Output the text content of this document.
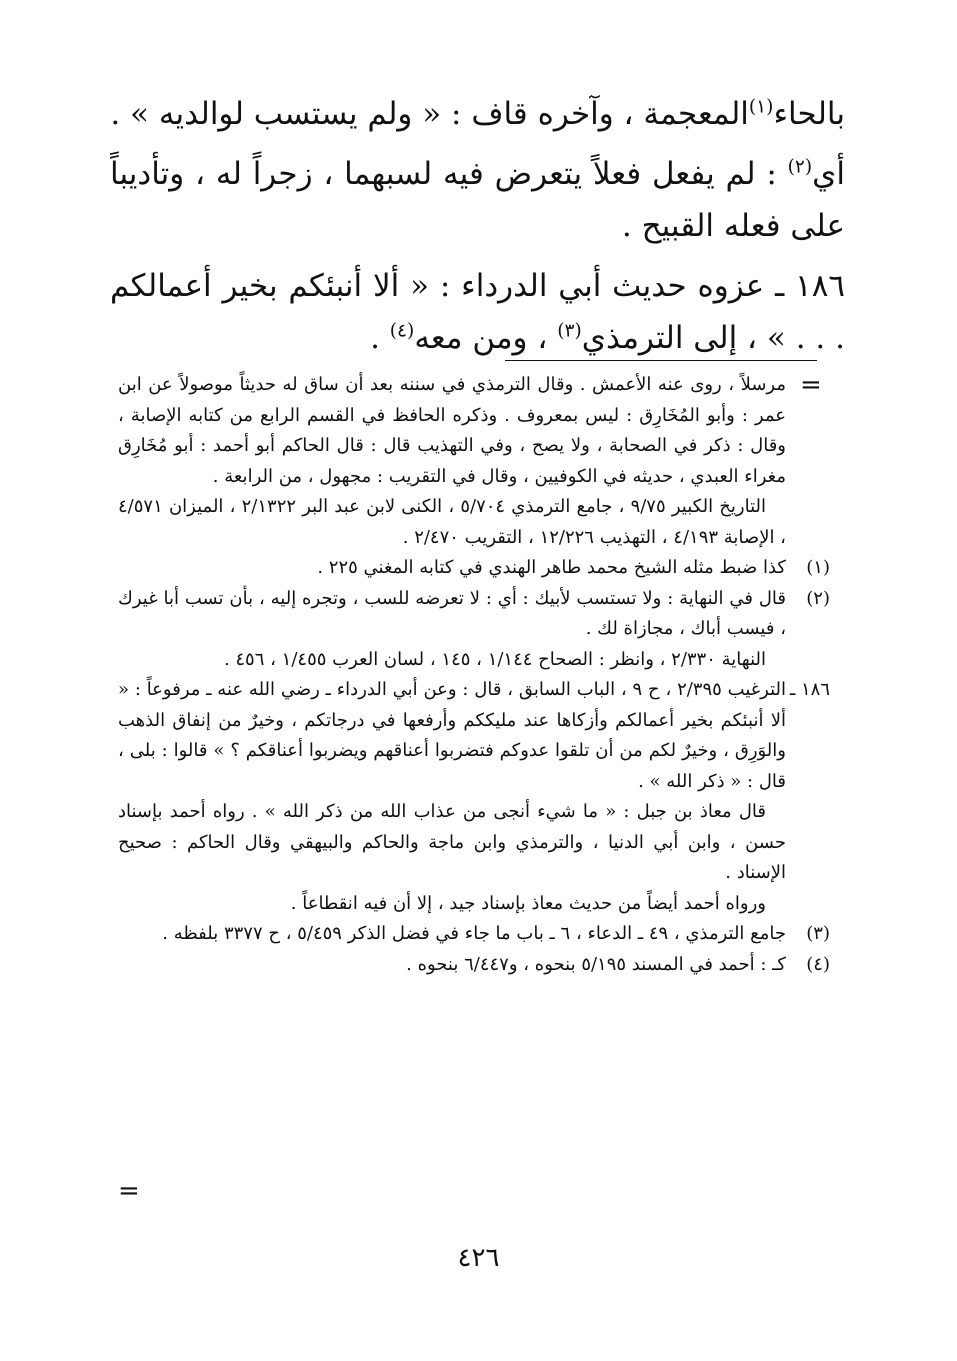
بالحاء$^{(١)}$المعجمة ، وآخره قاف : « ولم يستسب لوالديه » .

أي$^{(٢)}$ : لم يفعل فعلاً يتعرض فيه لسبهما ، زجراً له ، وتأديباً على فعله القبيح .

١٨٦ ـ عزوه حديث أبي الدرداء : « ألا أنبئكم بخير أعمالكم . . . » ، إلى الترمذي$^{(٣)}$ ، ومن معه$^{(٤)}$ .

=

مرسلاً ، روى عنه الأعمش . وقال الترمذي في سننه بعد أن ساق له حديثاً موصولاً عن ابن عمر : وأبو المُخَارِق : ليس بمعروف . وذكره الحافظ في القسم الرابع من كتابه الإصابة ، وقال : ذكر في الصحابة ، ولا يصح ، وفي التهذيب قال : قال الحاكم أبو أحمد : أبو مُخَارِق مغراء العبدي ، حديثه في الكوفيين ، وقال في التقريب : مجهول ، من الرابعة .

التاريخ الكبير ٩/٧٥ ، جامع الترمذي ٥/٧٠٤ ، الكنى لابن عبد البر ٢/١٣٢٢ ، الميزان ٤/٥٧١ ، الإصابة ٤/١٩٣ ، التهذيب ١٢/٢٢٦ ، التقريب ٢/٤٧٠ .

(١)

كذا ضبط مثله الشيخ محمد طاهر الهندي في كتابه المغني ٢٢٥ .

(٢)

قال في النهاية : ولا تستسب لأبيك : أي : لا تعرضه للسب ، وتجره إليه ، بأن تسب أبا غيرك ، فيسب أباك ، مجازاة لك .

النهاية ٢/٣٣٠ ، وانظر : الصحاح ١/١٤٤ ، ١٤٥ ، لسان العرب ١/٤٥٥ ، ٤٥٦ .

١٨٦ ـ

الترغيب ٢/٣٩٥ ، ح ٩ ، الباب السابق ، قال : وعن أبي الدرداء ـ رضي الله عنه ـ مرفوعاً : « ألا أنبئكم بخير أعمالكم وأزكاها عند مليككم وأرفعها في درجاتكم ، وخيرٌ من إنفاق الذهب والوَرِق ، وخيرٌ لكم من أن تلقوا عدوكم فتضربوا أعناقهم ويضربوا أعناقكم ؟ » قالوا : بلى ، قال : « ذكر الله » .

قال معاذ بن جبل : « ما شيء أنجى من عذاب الله من ذكر الله » . رواه أحمد بإسناد حسن ، وابن أبي الدنيا ، والترمذي وابن ماجة والحاكم والبيهقي وقال الحاكم : صحيح الإسناد .

ورواه أحمد أيضاً من حديث معاذ بإسناد جيد ، إلا أن فيه انقطاعاً .

(٣)

جامع الترمذي ، ٤٩ ـ الدعاء ، ٦ ـ باب ما جاء في فضل الذكر ٥/٤٥٩ ، ح ٣٣٧٧ بلفظه .

(٤)

كـ : أحمد في المسند ٥/١٩٥ بنحوه ، و٦/٤٤٧ بنحوه .

=
٤٢٦
